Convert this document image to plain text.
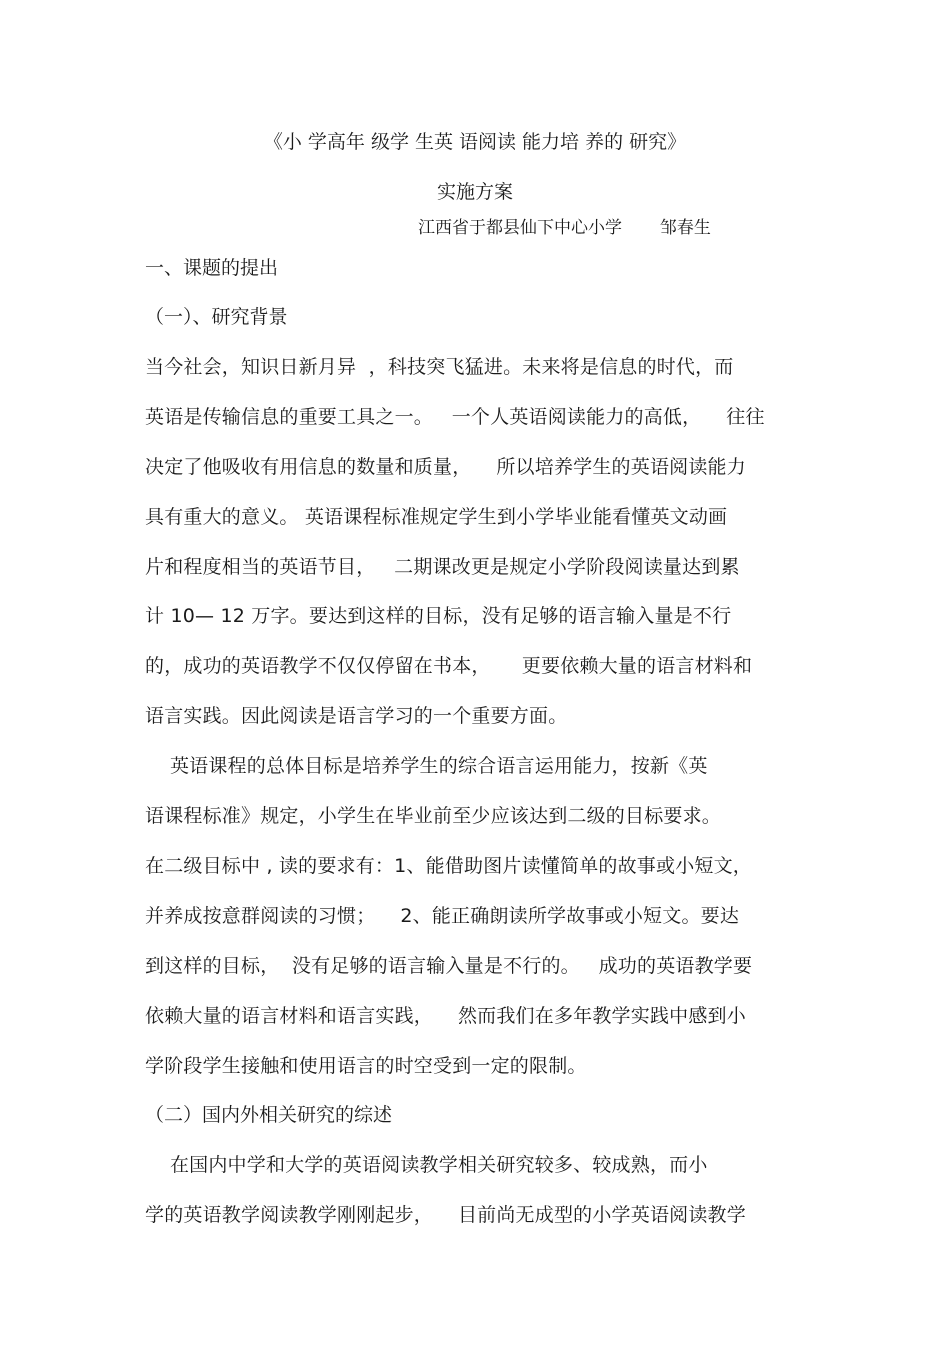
《小 学高年 级学 生英 语阅读 能力培 养的 研究》
实施方案
江西省于都县仙下中心小学       邹春生
一、课题的提出
（一）、研究背景
当今社会，知识日新月异  ，科技突飞猛进。未来将是信息的时代，而
英语是传输信息的重要工具之一。   一个人英语阅读能力的高低，    往往
决定了他吸收有用信息的数量和质量，    所以培养学生的英语阅读能力
具有重大的意义。 英语课程标准规定学生到小学毕业能看懂英文动画
片和程度相当的英语节目，   二期课改更是规定小学阶段阅读量达到累
计 10— 12 万字。要达到这样的目标，没有足够的语言输入量是不行
的，成功的英语教学不仅仅停留在书本，     更要依赖大量的语言材料和
语言实践。因此阅读是语言学习的一个重要方面。
英语课程的总体目标是培养学生的综合语言运用能力，按新《英
语课程标准》规定，小学生在毕业前至少应该达到二级的目标要求。
在二级目标中 , 读的要求有：1、能借助图片读懂简单的故事或小短文，
并养成按意群阅读的习惯；    2、能正确朗读所学故事或小短文。要达
到这样的目标，  没有足够的语言输入量是不行的。   成功的英语教学要
依赖大量的语言材料和语言实践，    然而我们在多年教学实践中感到小
学阶段学生接触和使用语言的时空受到一定的限制。
（二）国内外相关研究的综述
在国内中学和大学的英语阅读教学相关研究较多、较成熟，而小
学的英语教学阅读教学刚刚起步，    目前尚无成型的小学英语阅读教学
